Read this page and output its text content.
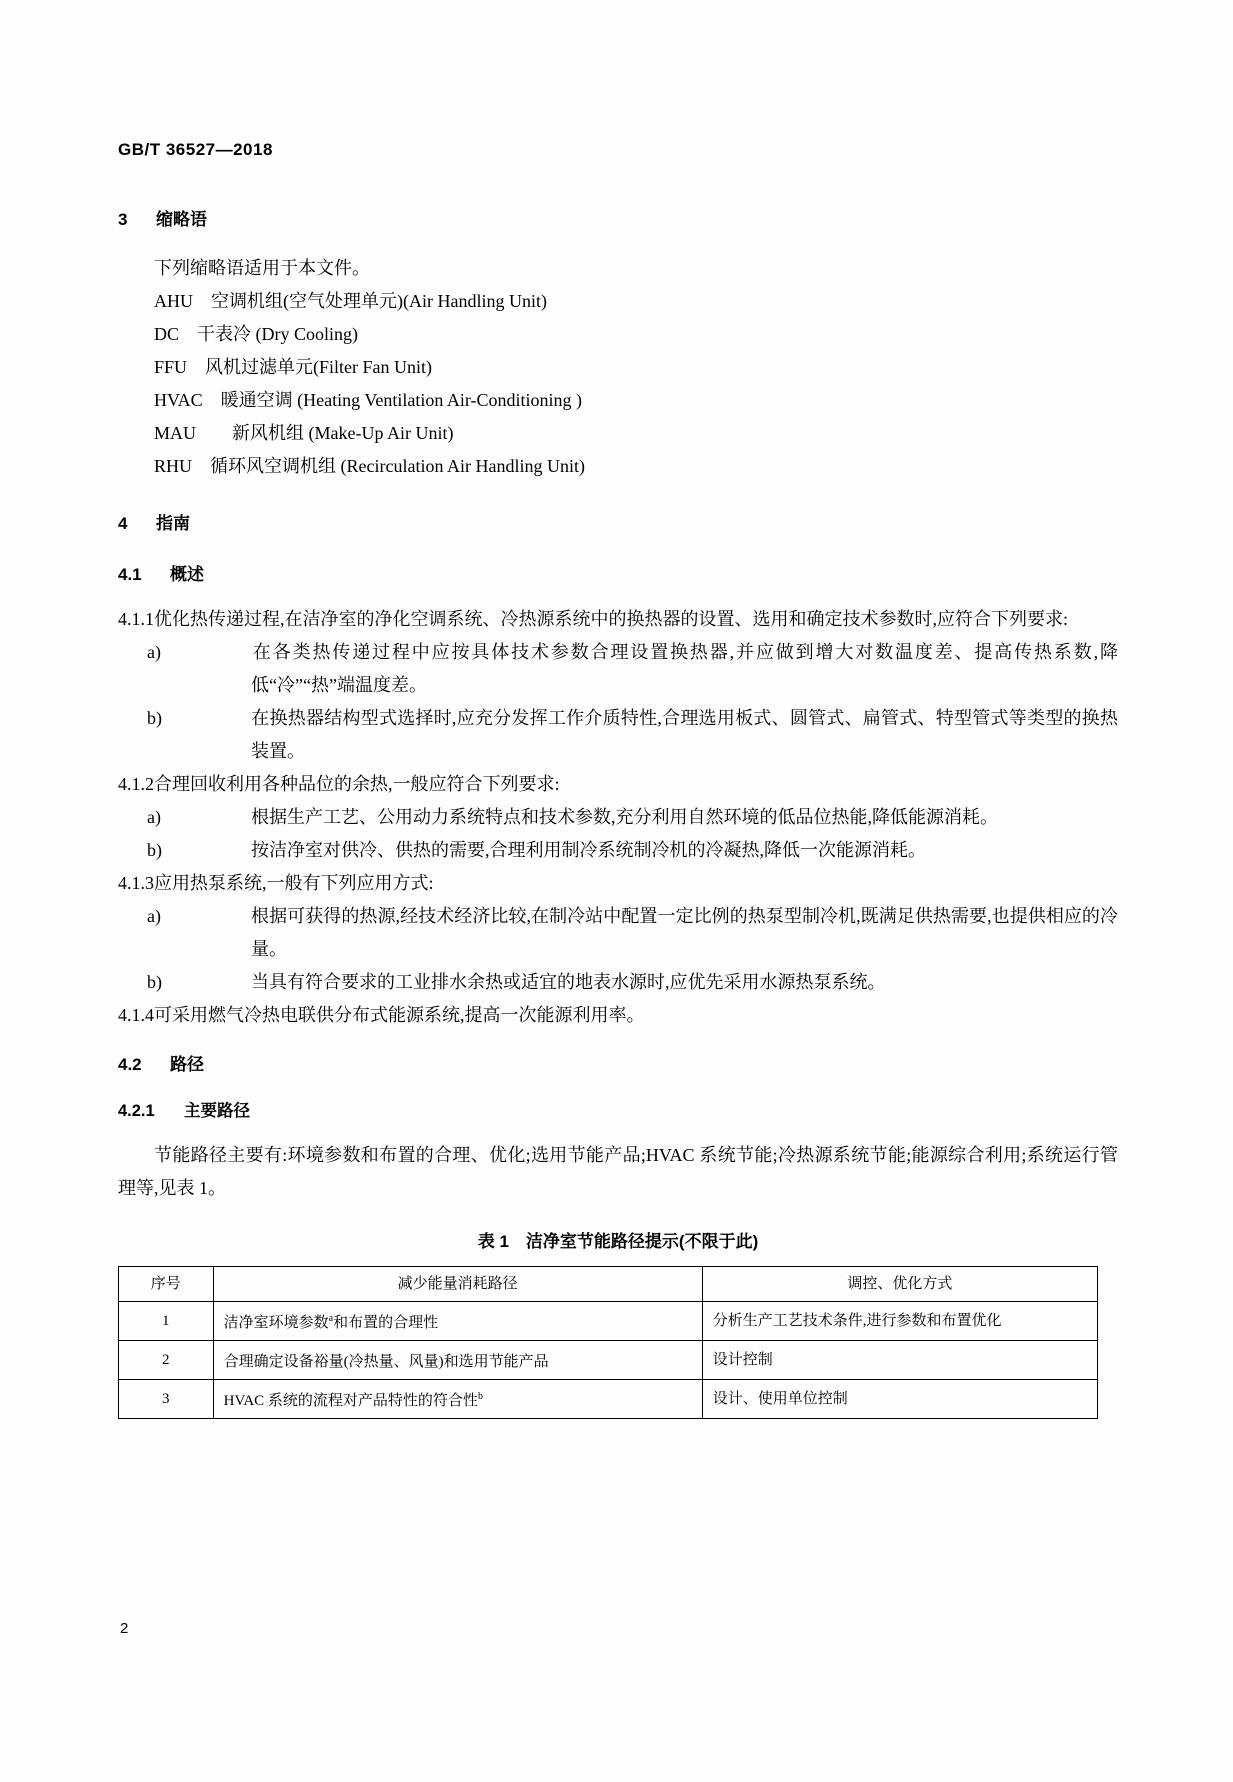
GB/T 36527—2018
3 缩略语

下列缩略语适用于本文件。

AHU　空调机组(空气处理单元)(Air Handling Unit)

DC　干表冷 (Dry Cooling)

FFU　风机过滤单元(Filter Fan Unit)

HVAC　暖通空调 (Heating Ventilation Air-Conditioning )

MAU　　新风机组 (Make-Up Air Unit)

RHU　循环风空调机组 (Recirculation Air Handling Unit)

4 指南
4.1 概述

4.1.1优化热传递过程,在洁净室的净化空调系统、冷热源系统中的换热器的设置、选用和确定技术参数时,应符合下列要求:

a)	在各类热传递过程中应按具体技术参数合理设置换热器,并应做到增大对数温度差、提高传热系数,降低“冷”“热”端温度差。

b)	在换热器结构型式选择时,应充分发挥工作介质特性,合理选用板式、圆管式、扁管式、特型管式等类型的换热装置。

4.1.2合理回收利用各种品位的余热,一般应符合下列要求:

a)	根据生产工艺、公用动力系统特点和技术参数,充分利用自然环境的低品位热能,降低能源消耗。

b)	按洁净室对供冷、供热的需要,合理利用制冷系统制冷机的冷凝热,降低一次能源消耗。

4.1.3应用热泵系统,一般有下列应用方式:

a)	根据可获得的热源,经技术经济比较,在制冷站中配置一定比例的热泵型制冷机,既满足供热需要,也提供相应的冷量。

b)	当具有符合要求的工业排水余热或适宜的地表水源时,应优先采用水源热泵系统。

4.1.4可采用燃气冷热电联供分布式能源系统,提高一次能源利用率。

4.2 路径
4.2.1 主要路径

节能路径主要有:环境参数和布置的合理、优化;选用节能产品;HVAC 系统节能;冷热源系统节能;能源综合利用;系统运行管理等,见表 1。

表 1　洁净室节能路径提示(不限于此)

序号	减少能量消耗路径	调控、优化方式
1	洁净室环境参数$^a$和布置的合理性	分析生产工艺技术条件,进行参数和布置优化
2	合理确定设备裕量(冷热量、风量)和选用节能产品	设计控制
3	HVAC 系统的流程对产品特性的符合性$^b$	设计、使用单位控制
2
